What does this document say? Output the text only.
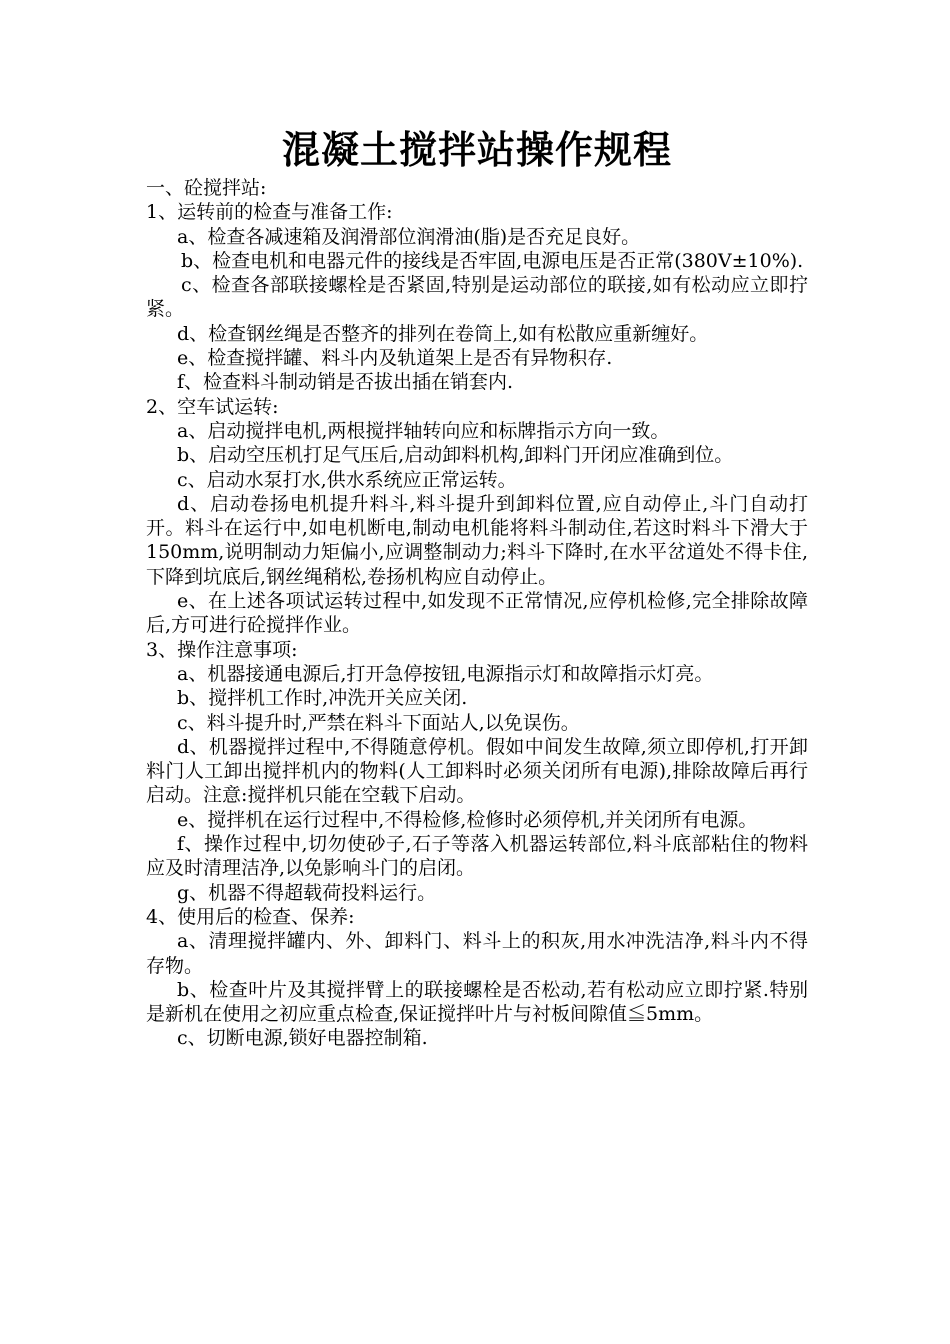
混凝土搅拌站操作规程

一、砼搅拌站:

1、运转前的检查与准备工作:

a、检查各减速箱及润滑部位润滑油(脂)是否充足良好。

b、检查电机和电器元件的接线是否牢固,电源电压是否正常(380V±10%).

c、检查各部联接螺栓是否紧固,特别是运动部位的联接,如有松动应立即拧紧。

d、检查钢丝绳是否整齐的排列在卷筒上,如有松散应重新缠好。

e、检查搅拌罐、料斗内及轨道架上是否有异物积存.

f、检查料斗制动销是否拔出插在销套内.

2、空车试运转:

a、启动搅拌电机,两根搅拌轴转向应和标牌指示方向一致。

b、启动空压机打足气压后,启动卸料机构,卸料门开闭应准确到位。

c、启动水泵打水,供水系统应正常运转。

d、启动卷扬电机提升料斗,料斗提升到卸料位置,应自动停止,斗门自动打开。料斗在运行中,如电机断电,制动电机能将料斗制动住,若这时料斗下滑大于150mm,说明制动力矩偏小,应调整制动力;料斗下降时,在水平岔道处不得卡住,下降到坑底后,钢丝绳稍松,卷扬机构应自动停止。

e、在上述各项试运转过程中,如发现不正常情况,应停机检修,完全排除故障后,方可进行砼搅拌作业。

3、操作注意事项:

a、机器接通电源后,打开急停按钮,电源指示灯和故障指示灯亮。

b、搅拌机工作时,冲洗开关应关闭.

c、料斗提升时,严禁在料斗下面站人,以免误伤。

d、机器搅拌过程中,不得随意停机。假如中间发生故障,须立即停机,打开卸料门人工卸出搅拌机内的物料(人工卸料时必须关闭所有电源),排除故障后再行启动。注意:搅拌机只能在空载下启动。

e、搅拌机在运行过程中,不得检修,检修时必须停机,并关闭所有电源。

f、操作过程中,切勿使砂子,石子等落入机器运转部位,料斗底部粘住的物料应及时清理洁净,以免影响斗门的启闭。

g、机器不得超载荷投料运行。

4、使用后的检查、保养:

a、清理搅拌罐内、外、卸料门、料斗上的积灰,用水冲洗洁净,料斗内不得存物。

b、检查叶片及其搅拌臂上的联接螺栓是否松动,若有松动应立即拧紧.特别是新机在使用之初应重点检查,保证搅拌叶片与衬板间隙值≦5mm。

c、切断电源,锁好电器控制箱.
